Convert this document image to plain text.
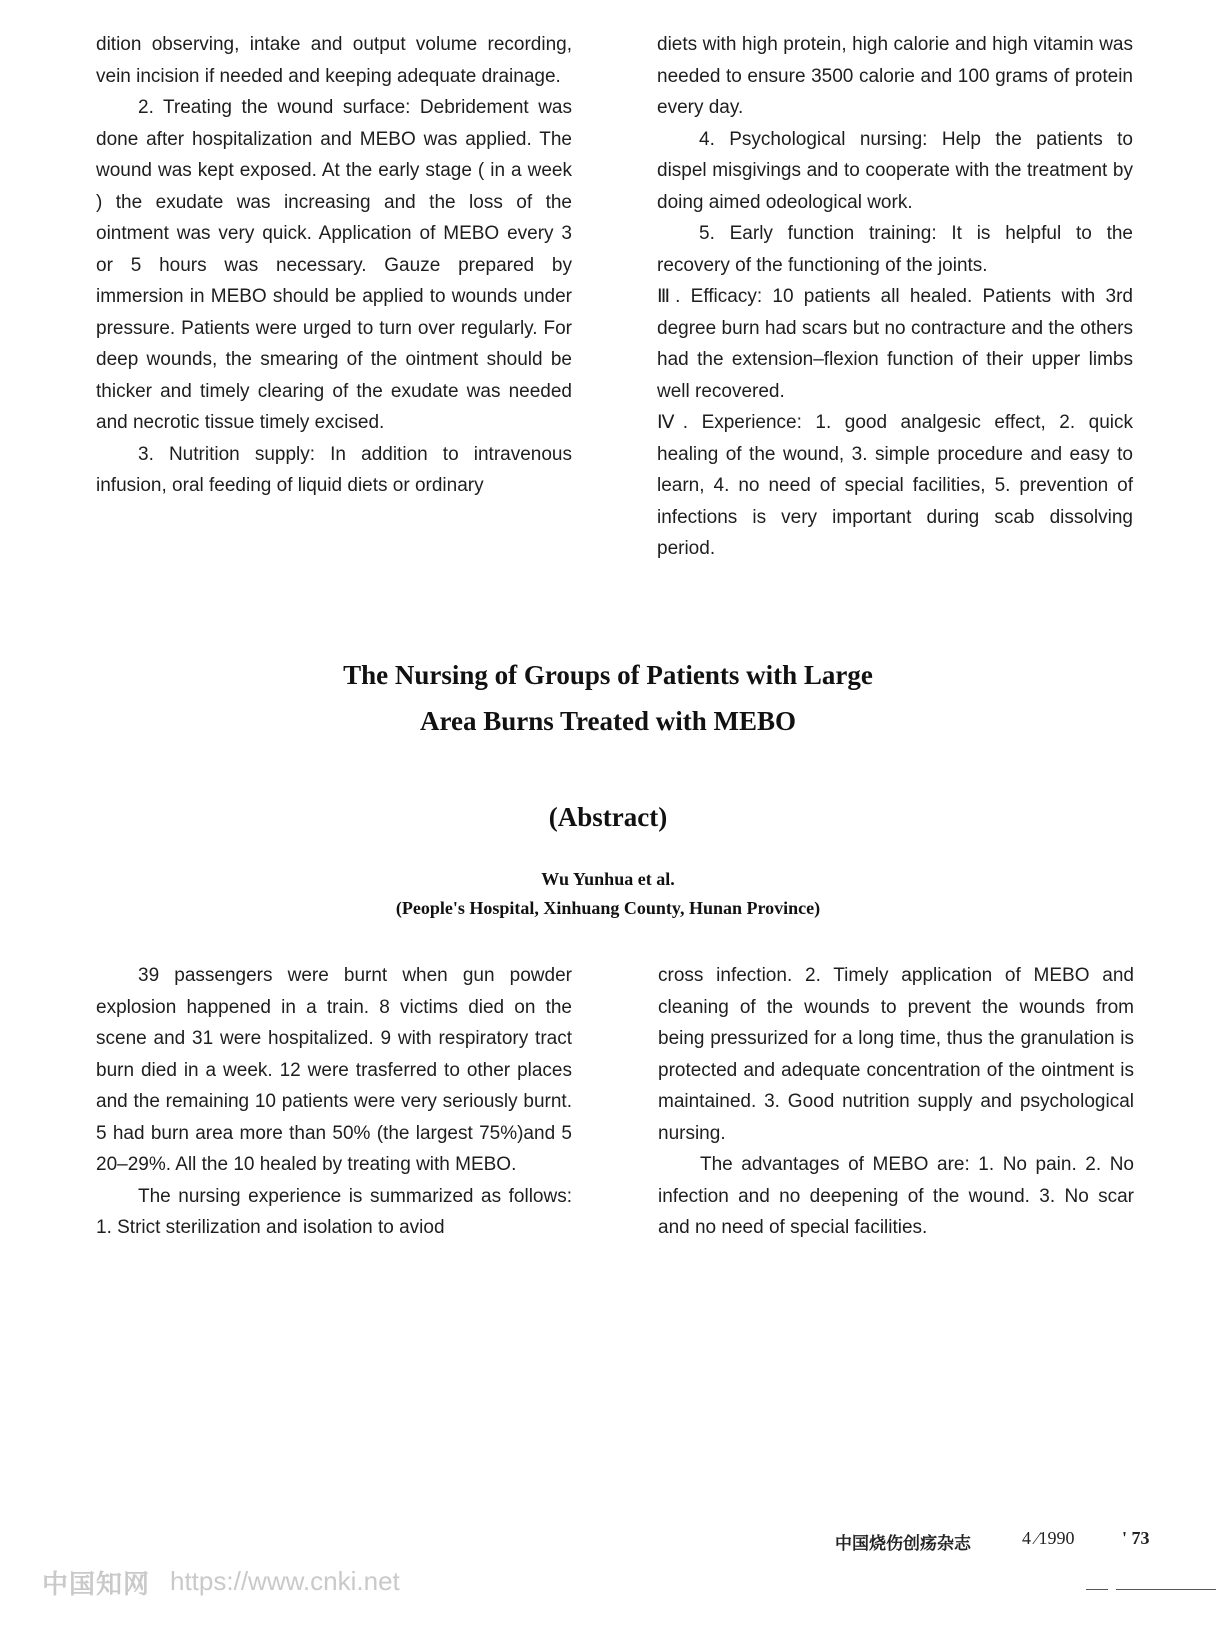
dition observing, intake and output volume recording, vein incision if needed and keeping adequate drainage.

2. Treating the wound surface: Debridement was done after hospitalization and MEBO was applied. The wound was kept exposed. At the early stage ( in a week ) the exudate was increasing and the loss of the ointment was very quick. Application of MEBO every 3 or 5 hours was necessary. Gauze prepared by immersion in MEBO should be applied to wounds under pressure. Patients were urged to turn over regularly. For deep wounds, the smearing of the ointment should be thicker and timely clearing of the exudate was needed and necrotic tissue timely excised.

3. Nutrition supply: In addition to intravenous infusion, oral feeding of liquid diets or ordinary

diets with high protein, high calorie and high vitamin was needed to ensure 3500 calorie and 100 grams of protein every day.

4. Psychological nursing: Help the patients to dispel misgivings and to cooperate with the treatment by doing aimed odeological work.

5. Early function training: It is helpful to the recovery of the functioning of the joints.

Ⅲ. Efficacy: 10 patients all healed. Patients with 3rd degree burn had scars but no contracture and the others had the extension–flexion function of their upper limbs well recovered.

Ⅳ. Experience: 1. good analgesic effect, 2. quick healing of the wound, 3. simple procedure and easy to learn, 4. no need of special facilities, 5. prevention of infections is very important during scab dissolving period.

The Nursing of Groups of Patients with Large
Area Burns Treated with MEBO
(Abstract)
Wu Yunhua et al.
(People's Hospital, Xinhuang County, Hunan Province)

39 passengers were burnt when gun powder explosion happened in a train. 8 victims died on the scene and 31 were hospitalized. 9 with respiratory tract burn died in a week. 12 were trasferred to other places and the remaining 10 patients were very seriously burnt. 5 had burn area more than 50% (the largest 75%)and 5 20–29%. All the 10 healed by treating with MEBO.

The nursing experience is summarized as follows: 1. Strict sterilization and isolation to aviod

cross infection. 2. Timely application of MEBO and cleaning of the wounds to prevent the wounds from being pressurized for a long time, thus the granulation is protected and adequate concentration of the ointment is maintained. 3. Good nutrition supply and psychological nursing.

The advantages of MEBO are: 1. No pain. 2. No infection and no deepening of the wound. 3. No scar and no need of special facilities.

中国烧伤创疡杂志	4 ∕1990	' 73
中国知网 https://www.cnki.net
